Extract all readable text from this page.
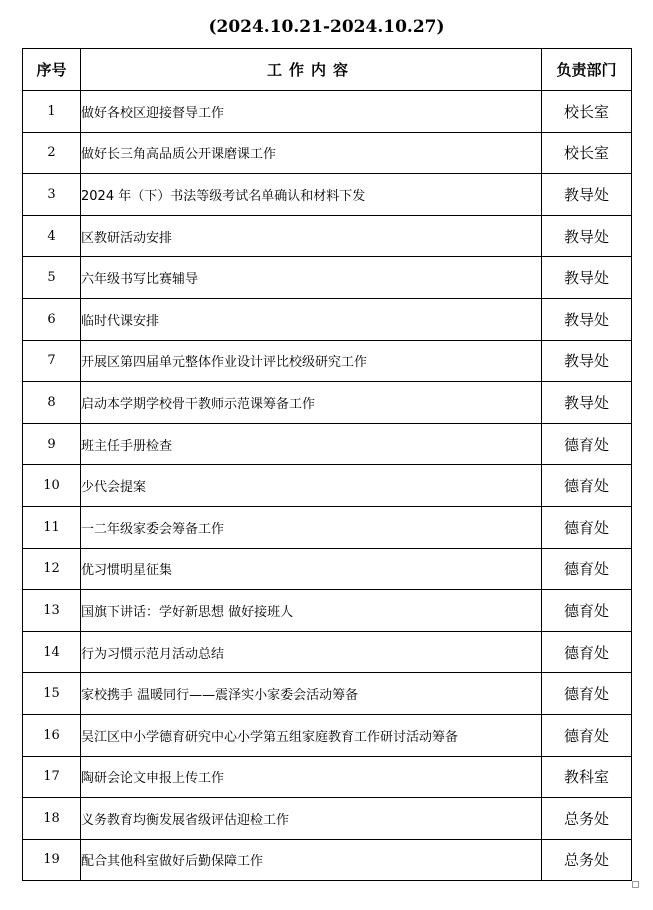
(2024.10.21-2024.10.27)
序号	工作内容	负责部门
1	做好各校区迎接督导工作	校长室
2	做好长三角高品质公开课磨课工作	校长室
3	2024 年（下）书法等级考试名单确认和材料下发	教导处
4	区教研活动安排	教导处
5	六年级书写比赛辅导	教导处
6	临时代课安排	教导处
7	开展区第四届单元整体作业设计评比校级研究工作	教导处
8	启动本学期学校骨干教师示范课筹备工作	教导处
9	班主任手册检查	德育处
10	少代会提案	德育处
11	一二年级家委会筹备工作	德育处
12	优习惯明星征集	德育处
13	国旗下讲话：学好新思想 做好接班人	德育处
14	行为习惯示范月活动总结	德育处
15	家校携手 温暖同行——震泽实小家委会活动筹备	德育处
16	吴江区中小学德育研究中心小学第五组家庭教育工作研讨活动筹备	德育处
17	陶研会论文申报上传工作	教科室
18	义务教育均衡发展省级评估迎检工作	总务处
19	配合其他科室做好后勤保障工作	总务处
